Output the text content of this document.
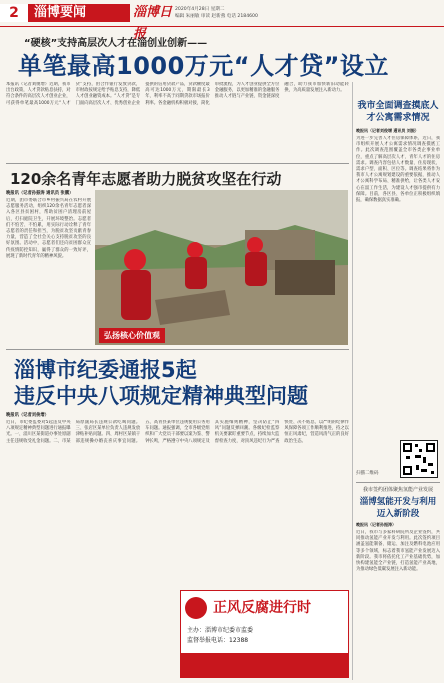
2	淄博要闻	淄博日报
2020年4月28日 星期二
编辑 朱丽敏 审读 赵新燕 电话 2184600
“硬核”支持高层次人才在淄创业创新——
单笔最高1000万元“人才贷”设立
本报讯（记者刘俊增）近期，我市出台政策，人才贷款贴息扶持，对符合条件的高层次人才创业企业，可获得单笔最高1000万元“人才贷”支持，由合作银行发放贷款，市财政按规定给予贴息支持，降低人才创业融资成本。“人才贷”是专门面向高层次人才、优秀创业企业提供的信用贷款产品，贷款额度最高可达1000万元，期限最长3年，利率不高于同期贷款市场报价利率。各金融机构积极对接，简化审批流程，为人才创业提供全方位金融服务，以更加精准的金融服务推动人才链与产业链、资金链深度融合，助力我市加快新旧动能转换，为高质量发展注入新动力。
120余名青年志愿者助力脱贫攻坚在行动
晚报讯（记者孙振涛 通讯员 张鹏）
近期，团市委联合市乡村振兴局在农村开展志愿服务活动，组织120余名青年志愿者深入各区县贫困村，帮助贫困户清理房前屋后，打扫庭院卫生，开展环境整治。志愿者们不怕苦、不怕累，用实际行动诠释了青年志愿者的责任和担当，为脱贫攻坚贡献青春力量，营造了全社会关心支持脱贫攻坚的良好氛围。活动中，志愿者们还向贫困群众宣传疫情防控知识，赢得了群众的一致好评，展现了新时代青年的精神风貌。
弘扬核心价值观
淄博市纪委通报5起
违反中央八项规定精神典型问题
晚报讯（记者刘俊增）
近日，市纪委监委对5起违反中央八项规定精神典型问题进行通报曝光。一、淄川区某街道办事处原副主任违规收受礼金问题。二、市某局原副局长违规公款吃喝问题。三、张店区某单位负责人违规发放津贴补贴问题。四、周村区某镇干部违规操办婚丧喜庆事宜问题。五、高青县某单位违规使用公务用车问题。通报强调，全市各级党组织和广大党员干部要以案为鉴、警钟长鸣，严格遵守中央八项规定及其实施细则精神，坚决防止“四风”问题反弹回潮。各级纪检监察机关要紧盯重要节点，持续加大监督检查力度，对顶风违纪行为严查快处、决不姑息，以严明的纪律作风保障各项工作顺利推进，持之以恒正风肃纪，营造风清气正的良好政治生态。
正风反腐进行时
主办：淄博市纪委市监委
监督举报电话：12388
我市全面调查摸底人才公寓需求情况
晚报讯（记者刘俊增 通讯员 刘振）
为进一步完善人才住房保障体系，近日，我市组织开展人才公寓需求情况调查摸底工作。此次调查范围覆盖全市各类企事业单位，重点了解高层次人才、青年人才的住房需求。调查内容包括人才数量、住房现状、需求户型、面积、区位等。调查结果将作为我市人才公寓规划建设的重要依据，推动人才公寓科学布局、精准供给，让各类人才安心在淄工作生活，为建设人才强市提供有力保障。目前，各区县、各单位正积极组织填报，确保数据真实准确。
扫描二维码
我市签约团体聚焦氢能产业发展
淄博氢能开发与利用迈入新阶段
晚报讯（记者孙振涛）
近日，我市与多家科研院所及企业签约，共同推动氢能产业开发与利用。此次签约项目涵盖氢能制备、储运、加注及燃料电池应用等多个领域，标志着我市氢能产业发展迈入新阶段。我市将依托化工产业基础优势，加快构建氢能全产业链，打造氢能产业高地，为推动绿色低碳发展注入新动能。
